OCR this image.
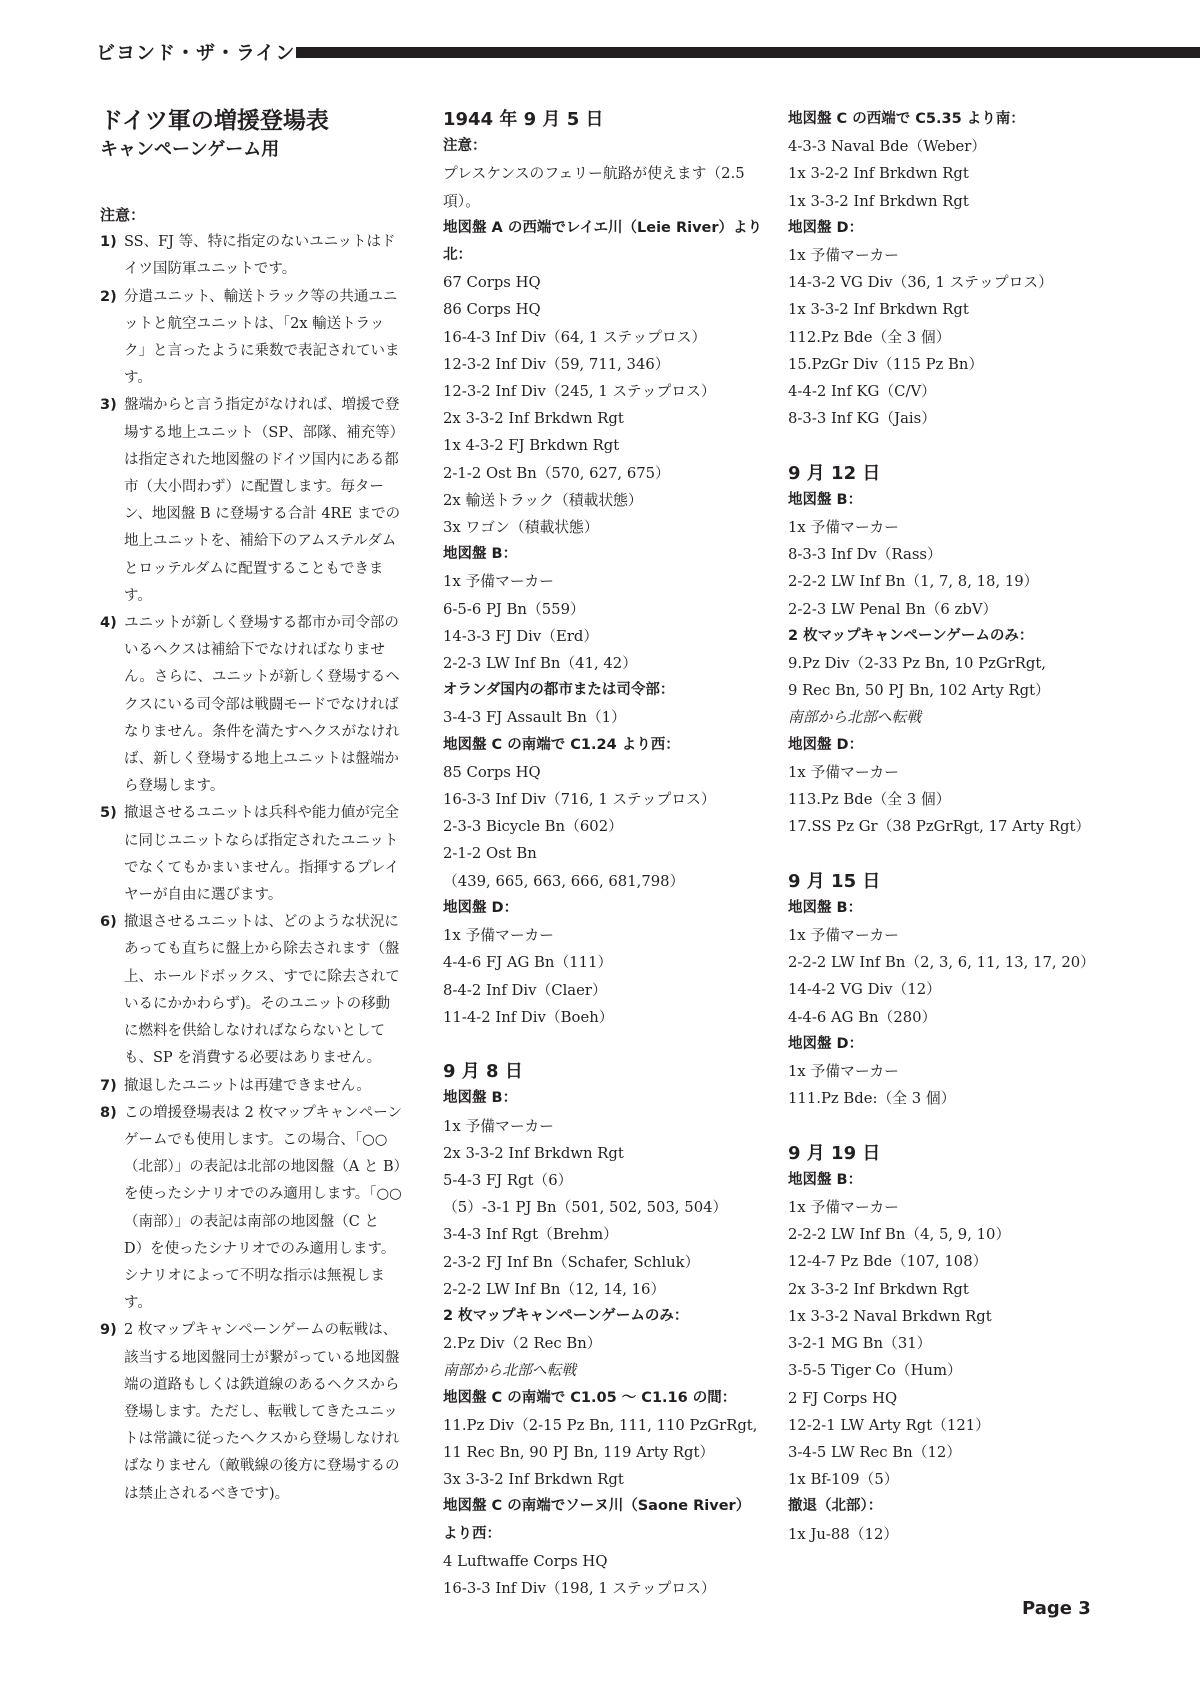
ビヨンド・ザ・ライン
ドイツ軍の増援登場表
キャンペーンゲーム用
注意：
1) SS、FJ 等、特に指定のないユニットはドイツ国防軍ユニットです。
2) 分遣ユニット、輸送トラック等の共通ユニットと航空ユニットは、「2x 輸送トラック」と言ったように乗数で表記されています。
3) 盤端からと言う指定がなければ、増援で登場する地上ユニット（SP、部隊、補充等）は指定された地図盤のドイツ国内にある都市（大小問わず）に配置します。毎ターン、地図盤 B に登場する合計 4RE までの地上ユニットを、補給下のアムステルダムとロッテルダムに配置することもできます。
4) ユニットが新しく登場する都市か司令部のいるヘクスは補給下でなければなりません。さらに、ユニットが新しく登場するヘクスにいる司令部は戦闘モードでなければなりません。条件を満たすヘクスがなければ、新しく登場する地上ユニットは盤端から登場します。
5) 撤退させるユニットは兵科や能力値が完全に同じユニットならば指定されたユニットでなくてもかまいません。指揮するプレイヤーが自由に選びます。
6) 撤退させるユニットは、どのような状況にあっても直ちに盤上から除去されます（盤上、ホールドボックス、すでに除去されているにかかわらず)。そのユニットの移動に燃料を供給しなければならないとしても、SP を消費する必要はありません。
7) 撤退したユニットは再建できません。
8) この増援登場表は 2 枚マップキャンペーンゲームでも使用します。この場合、「○○（北部）」の表記は北部の地図盤（A と B）を使ったシナリオでのみ適用します。「○○（南部）」の表記は南部の地図盤（C と D）を使ったシナリオでのみ適用します。シナリオによって不明な指示は無視します。
9) 2 枚マップキャンペーンゲームの転戦は、該当する地図盤同士が繋がっている地図盤端の道路もしくは鉄道線のあるヘクスから登場します。ただし、転戦してきたユニットは常識に従ったヘクスから登場しなければなりません（敵戦線の後方に登場するのは禁止されるべきです)。
1944 年 9 月 5 日
注意：
プレスケンスのフェリー航路が使えます（2.5 項）。
地図盤 A の西端でレイエ川（Leie River）より北：
67 Corps HQ
86 Corps HQ
16-4-3 Inf Div（64, 1 ステップロス）
12-3-2 Inf Div（59, 711, 346）
12-3-2 Inf Div（245, 1 ステップロス）
2x 3-3-2 Inf Brkdwn Rgt
1x 4-3-2 FJ Brkdwn Rgt
2-1-2 Ost Bn（570, 627, 675）
2x 輸送トラック（積載状態）
3x ワゴン（積載状態）
地図盤 B：
1x 予備マーカー
6-5-6 PJ Bn（559）
14-3-3 FJ Div（Erd）
2-2-3 LW Inf Bn（41, 42）
オランダ国内の都市または司令部：
3-4-3 FJ Assault Bn（1）
地図盤 C の南端で C1.24 より西：
85 Corps HQ
16-3-3 Inf Div（716, 1 ステップロス）
2-3-3 Bicycle Bn（602）
2-1-2 Ost Bn
（439, 665, 663, 666, 681,798）
地図盤 D：
1x 予備マーカー
4-4-6 FJ AG Bn（111）
8-4-2 Inf Div（Claer）
11-4-2 Inf Div（Boeh）
9 月 8 日
地図盤 B：
1x 予備マーカー
2x 3-3-2 Inf Brkdwn Rgt
5-4-3 FJ Rgt（6）
（5）-3-1 PJ Bn（501, 502, 503, 504）
3-4-3 Inf Rgt（Brehm）
2-3-2 FJ Inf Bn（Schafer, Schluk）
2-2-2 LW Inf Bn（12, 14, 16）
2 枚マップキャンペーンゲームのみ：
2.Pz Div（2 Rec Bn）
南部から北部へ転戦
地図盤 C の南端で C1.05 ～ C1.16 の間：
11.Pz Div（2-15 Pz Bn, 111, 110 PzGrRgt,
11 Rec Bn, 90 PJ Bn, 119 Arty Rgt）
3x 3-3-2 Inf Brkdwn Rgt
地図盤 C の南端でソーヌ川（Saone River）より西：
4 Luftwaffe Corps HQ
16-3-3 Inf Div（198, 1 ステップロス）
地図盤 C の西端で C5.35 より南：
4-3-3 Naval Bde（Weber）
1x 3-2-2 Inf Brkdwn Rgt
1x 3-3-2 Inf Brkdwn Rgt
地図盤 D：
1x 予備マーカー
14-3-2 VG Div（36, 1 ステップロス）
1x 3-3-2 Inf Brkdwn Rgt
112.Pz Bde（全 3 個）
15.PzGr Div（115 Pz Bn）
4-4-2 Inf KG（C/V）
8-3-3 Inf KG（Jais）
9 月 12 日
地図盤 B：
1x 予備マーカー
8-3-3 Inf Dv（Rass）
2-2-2 LW Inf Bn（1, 7, 8, 18, 19）
2-2-3 LW Penal Bn（6 zbV）
2 枚マップキャンペーンゲームのみ：
9.Pz Div（2-33 Pz Bn, 10 PzGrRgt,
9 Rec Bn, 50 PJ Bn, 102 Arty Rgt）
南部から北部へ転戦
地図盤 D：
1x 予備マーカー
113.Pz Bde（全 3 個）
17.SS Pz Gr（38 PzGrRgt, 17 Arty Rgt）
9 月 15 日
地図盤 B：
1x 予備マーカー
2-2-2 LW Inf Bn（2, 3, 6, 11, 13, 17, 20）
14-4-2 VG Div（12）
4-4-6 AG Bn（280）
地図盤 D：
1x 予備マーカー
111.Pz Bde:（全 3 個）
9 月 19 日
地図盤 B：
1x 予備マーカー
2-2-2 LW Inf Bn（4, 5, 9, 10）
12-4-7 Pz Bde（107, 108）
2x 3-3-2 Inf Brkdwn Rgt
1x 3-3-2 Naval Brkdwn Rgt
3-2-1 MG Bn（31）
3-5-5 Tiger Co（Hum）
2 FJ Corps HQ
12-2-1 LW Arty Rgt（121）
3-4-5 LW Rec Bn（12）
1x Bf-109（5）
撤退（北部）：
1x Ju-88（12）
Page 3
